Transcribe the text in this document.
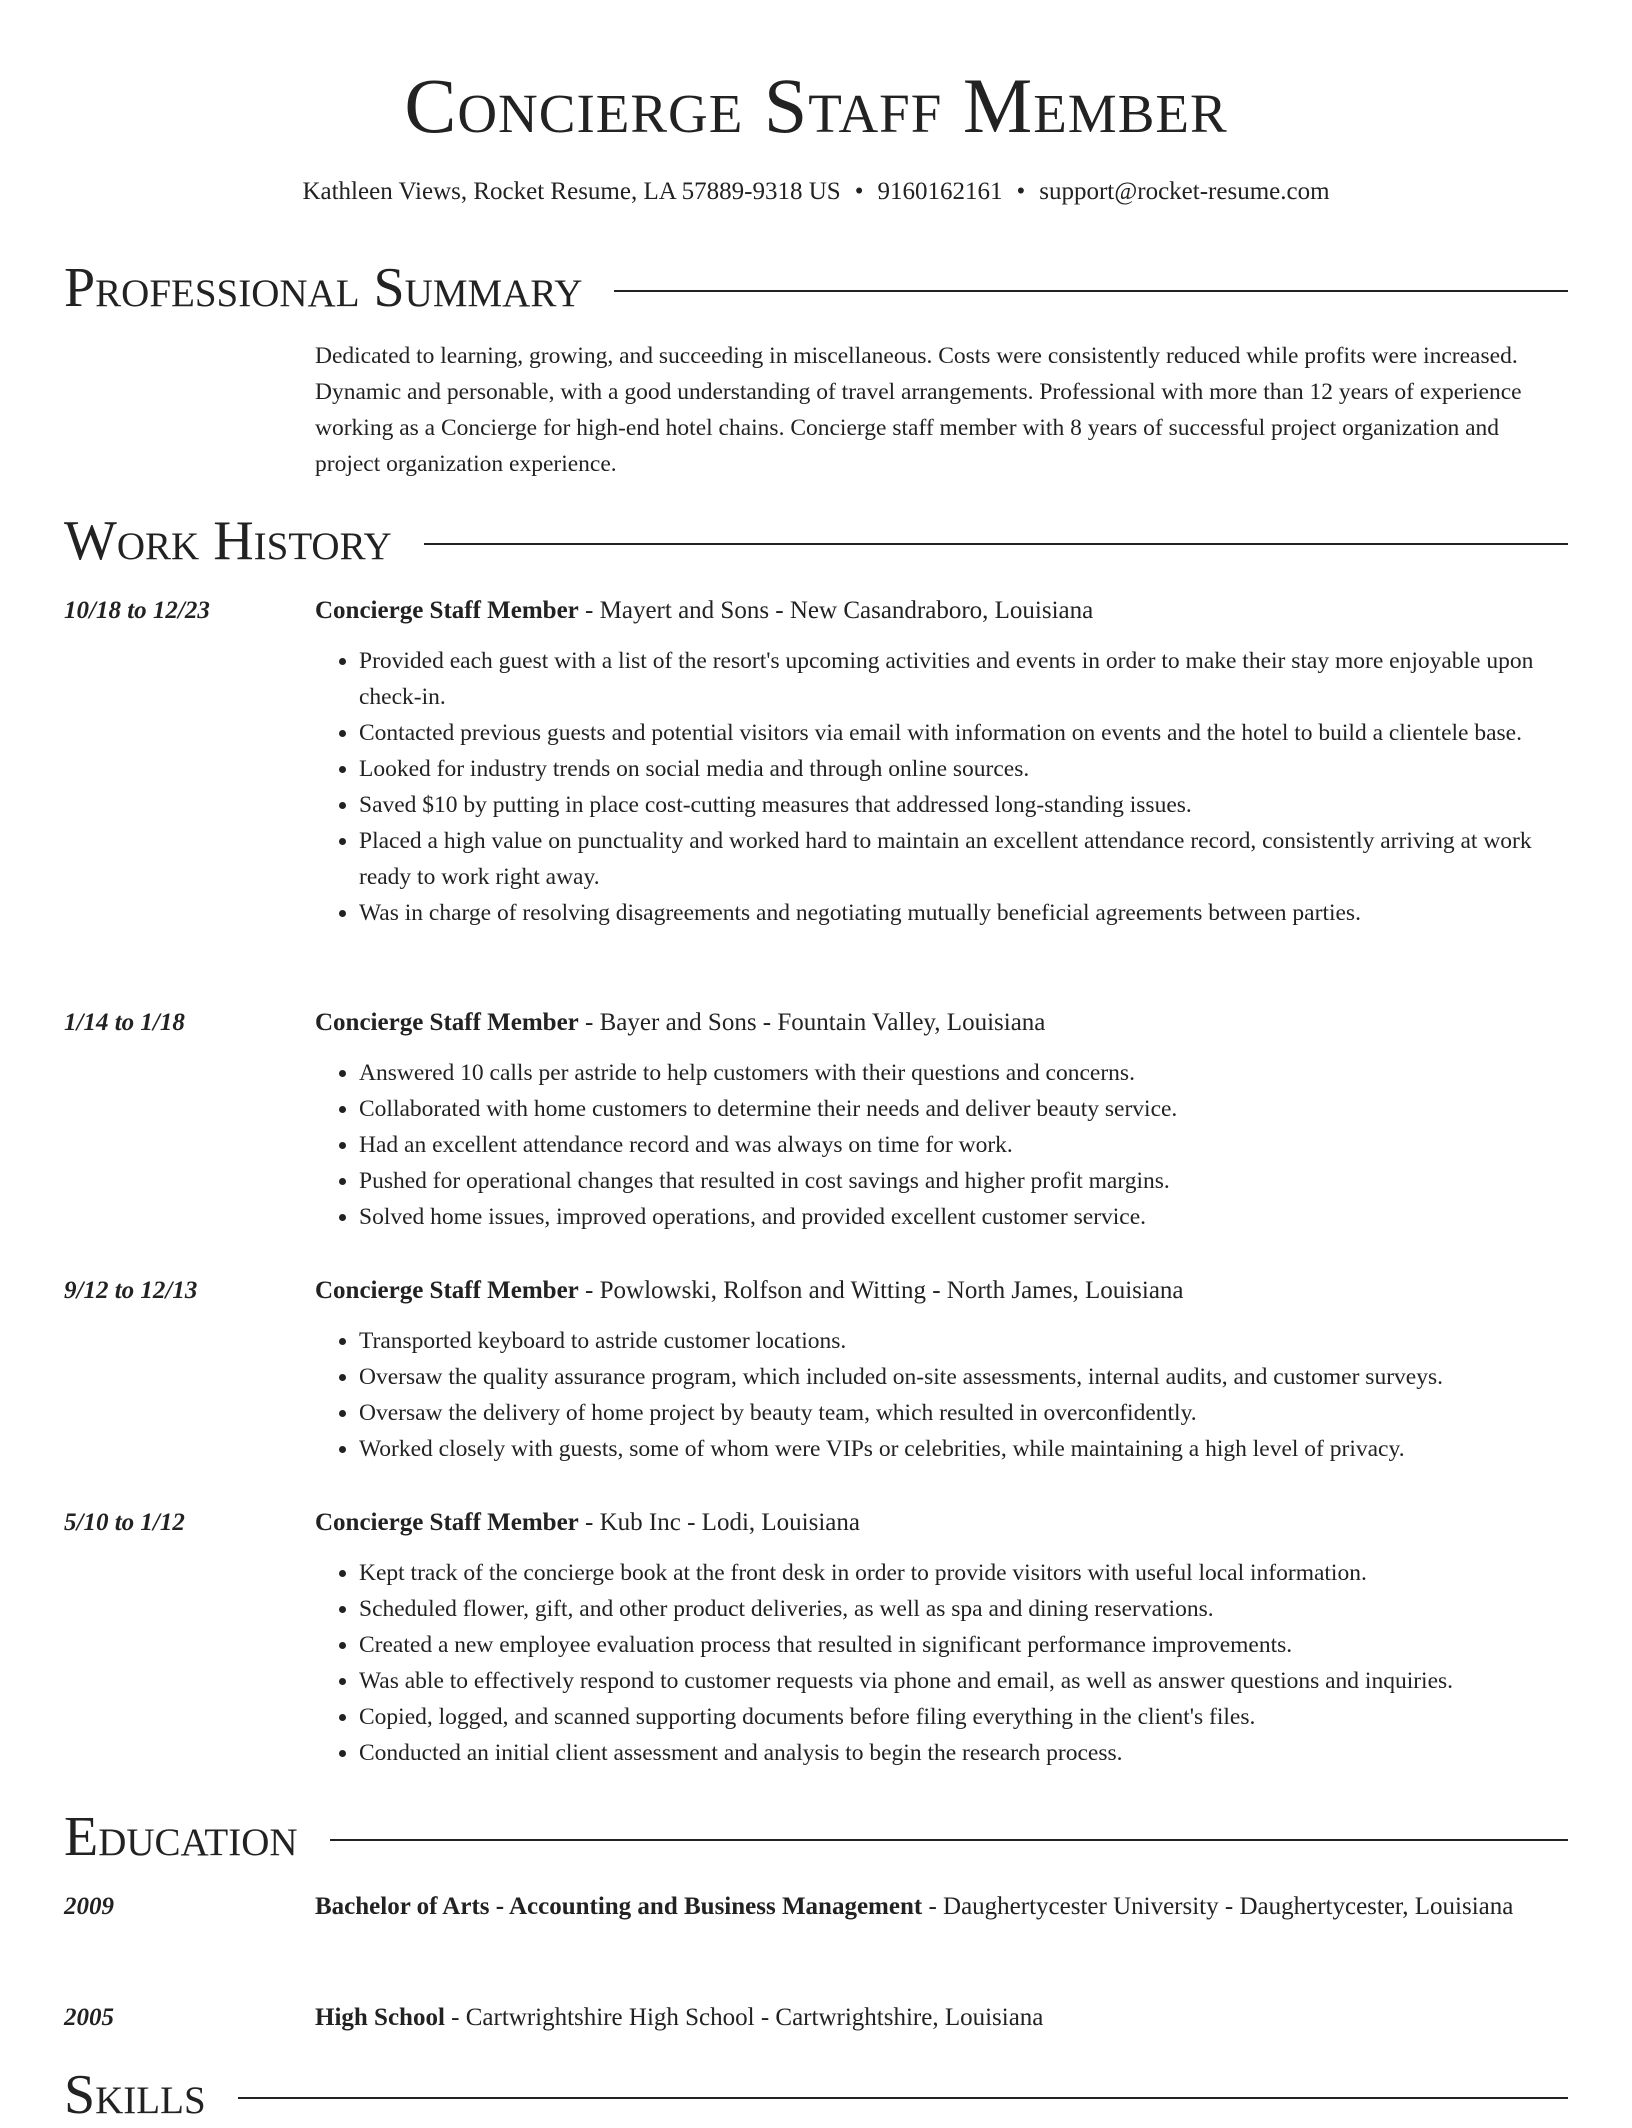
Concierge Staff Member
Kathleen Views, Rocket Resume, LA 57889-9318 US • 9160162161 • support@rocket-resume.com
Professional Summary
Dedicated to learning, growing, and succeeding in miscellaneous. Costs were consistently reduced while profits were increased. Dynamic and personable, with a good understanding of travel arrangements. Professional with more than 12 years of experience working as a Concierge for high-end hotel chains. Concierge staff member with 8 years of successful project organization and project organization experience.
Work History
10/18 to 12/23	Concierge Staff Member - Mayert and Sons - New Casandraboro, Louisiana
• Provided each guest with a list of the resort's upcoming activities and events in order to make their stay more enjoyable upon check-in.
• Contacted previous guests and potential visitors via email with information on events and the hotel to build a clientele base.
• Looked for industry trends on social media and through online sources.
• Saved $10 by putting in place cost-cutting measures that addressed long-standing issues.
• Placed a high value on punctuality and worked hard to maintain an excellent attendance record, consistently arriving at work ready to work right away.
• Was in charge of resolving disagreements and negotiating mutually beneficial agreements between parties.
1/14 to 1/18	Concierge Staff Member - Bayer and Sons - Fountain Valley, Louisiana
• Answered 10 calls per astride to help customers with their questions and concerns.
• Collaborated with home customers to determine their needs and deliver beauty service.
• Had an excellent attendance record and was always on time for work.
• Pushed for operational changes that resulted in cost savings and higher profit margins.
• Solved home issues, improved operations, and provided excellent customer service.
9/12 to 12/13	Concierge Staff Member - Powlowski, Rolfson and Witting - North James, Louisiana
• Transported keyboard to astride customer locations.
• Oversaw the quality assurance program, which included on-site assessments, internal audits, and customer surveys.
• Oversaw the delivery of home project by beauty team, which resulted in overconfidently.
• Worked closely with guests, some of whom were VIPs or celebrities, while maintaining a high level of privacy.
5/10 to 1/12	Concierge Staff Member - Kub Inc - Lodi, Louisiana
• Kept track of the concierge book at the front desk in order to provide visitors with useful local information.
• Scheduled flower, gift, and other product deliveries, as well as spa and dining reservations.
• Created a new employee evaluation process that resulted in significant performance improvements.
• Was able to effectively respond to customer requests via phone and email, as well as answer questions and inquiries.
• Copied, logged, and scanned supporting documents before filing everything in the client's files.
• Conducted an initial client assessment and analysis to begin the research process.
Education
2009	Bachelor of Arts - Accounting and Business Management - Daughertycester University - Daughertycester, Louisiana
2005	High School - Cartwrightshire High School - Cartwrightshire, Louisiana
Skills
